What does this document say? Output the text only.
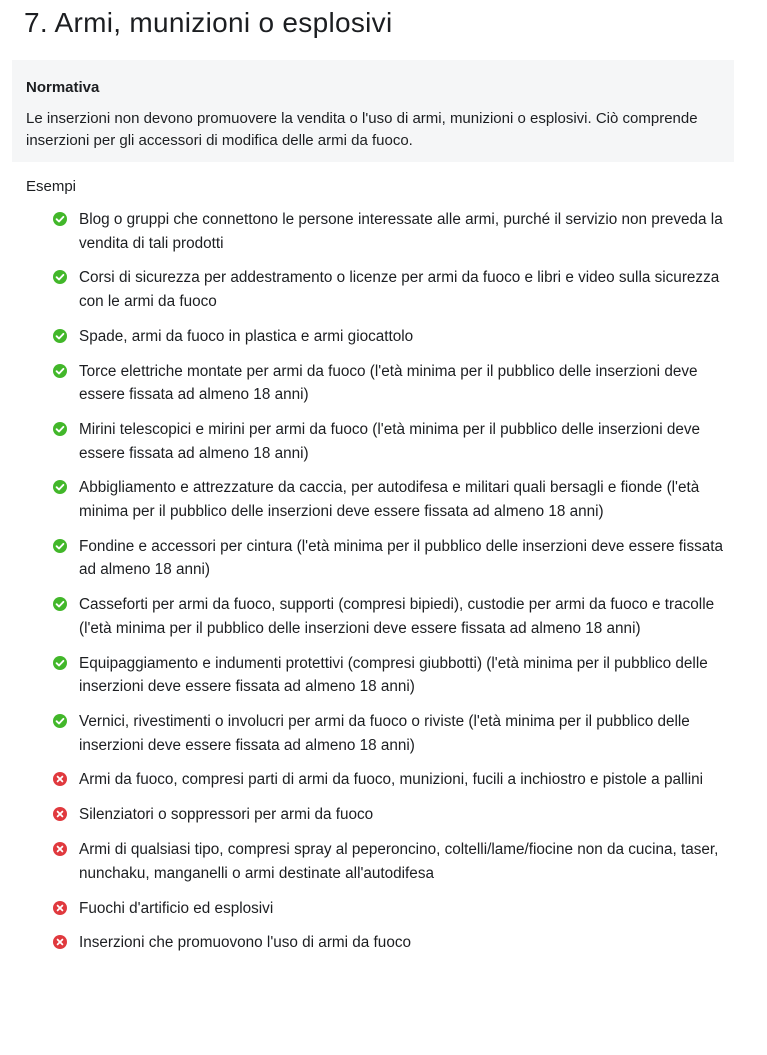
7. Armi, munizioni o esplosivi
Normativa

Le inserzioni non devono promuovere la vendita o l'uso di armi, munizioni o esplosivi. Ciò comprende inserzioni per gli accessori di modifica delle armi da fuoco.

Esempi
Blog o gruppi che connettono le persone interessate alle armi, purché il servizio non preveda la vendita di tali prodotti
Corsi di sicurezza per addestramento o licenze per armi da fuoco e libri e video sulla sicurezza con le armi da fuoco
Spade, armi da fuoco in plastica e armi giocattolo
Torce elettriche montate per armi da fuoco (l'età minima per il pubblico delle inserzioni deve essere fissata ad almeno 18 anni)
Mirini telescopici e mirini per armi da fuoco (l'età minima per il pubblico delle inserzioni deve essere fissata ad almeno 18 anni)
Abbigliamento e attrezzature da caccia, per autodifesa e militari quali bersagli e fionde (l'età minima per il pubblico delle inserzioni deve essere fissata ad almeno 18 anni)
Fondine e accessori per cintura (l'età minima per il pubblico delle inserzioni deve essere fissata ad almeno 18 anni)
Casseforti per armi da fuoco, supporti (compresi bipiedi), custodie per armi da fuoco e tracolle (l'età minima per il pubblico delle inserzioni deve essere fissata ad almeno 18 anni)
Equipaggiamento e indumenti protettivi (compresi giubbotti) (l'età minima per il pubblico delle inserzioni deve essere fissata ad almeno 18 anni)
Vernici, rivestimenti o involucri per armi da fuoco o riviste (l'età minima per il pubblico delle inserzioni deve essere fissata ad almeno 18 anni)
Armi da fuoco, compresi parti di armi da fuoco, munizioni, fucili a inchiostro e pistole a pallini
Silenziatori o soppressori per armi da fuoco
Armi di qualsiasi tipo, compresi spray al peperoncino, coltelli/lame/fiocine non da cucina, taser, nunchaku, manganelli o armi destinate all'autodifesa
Fuochi d'artificio ed esplosivi
Inserzioni che promuovono l'uso di armi da fuoco
